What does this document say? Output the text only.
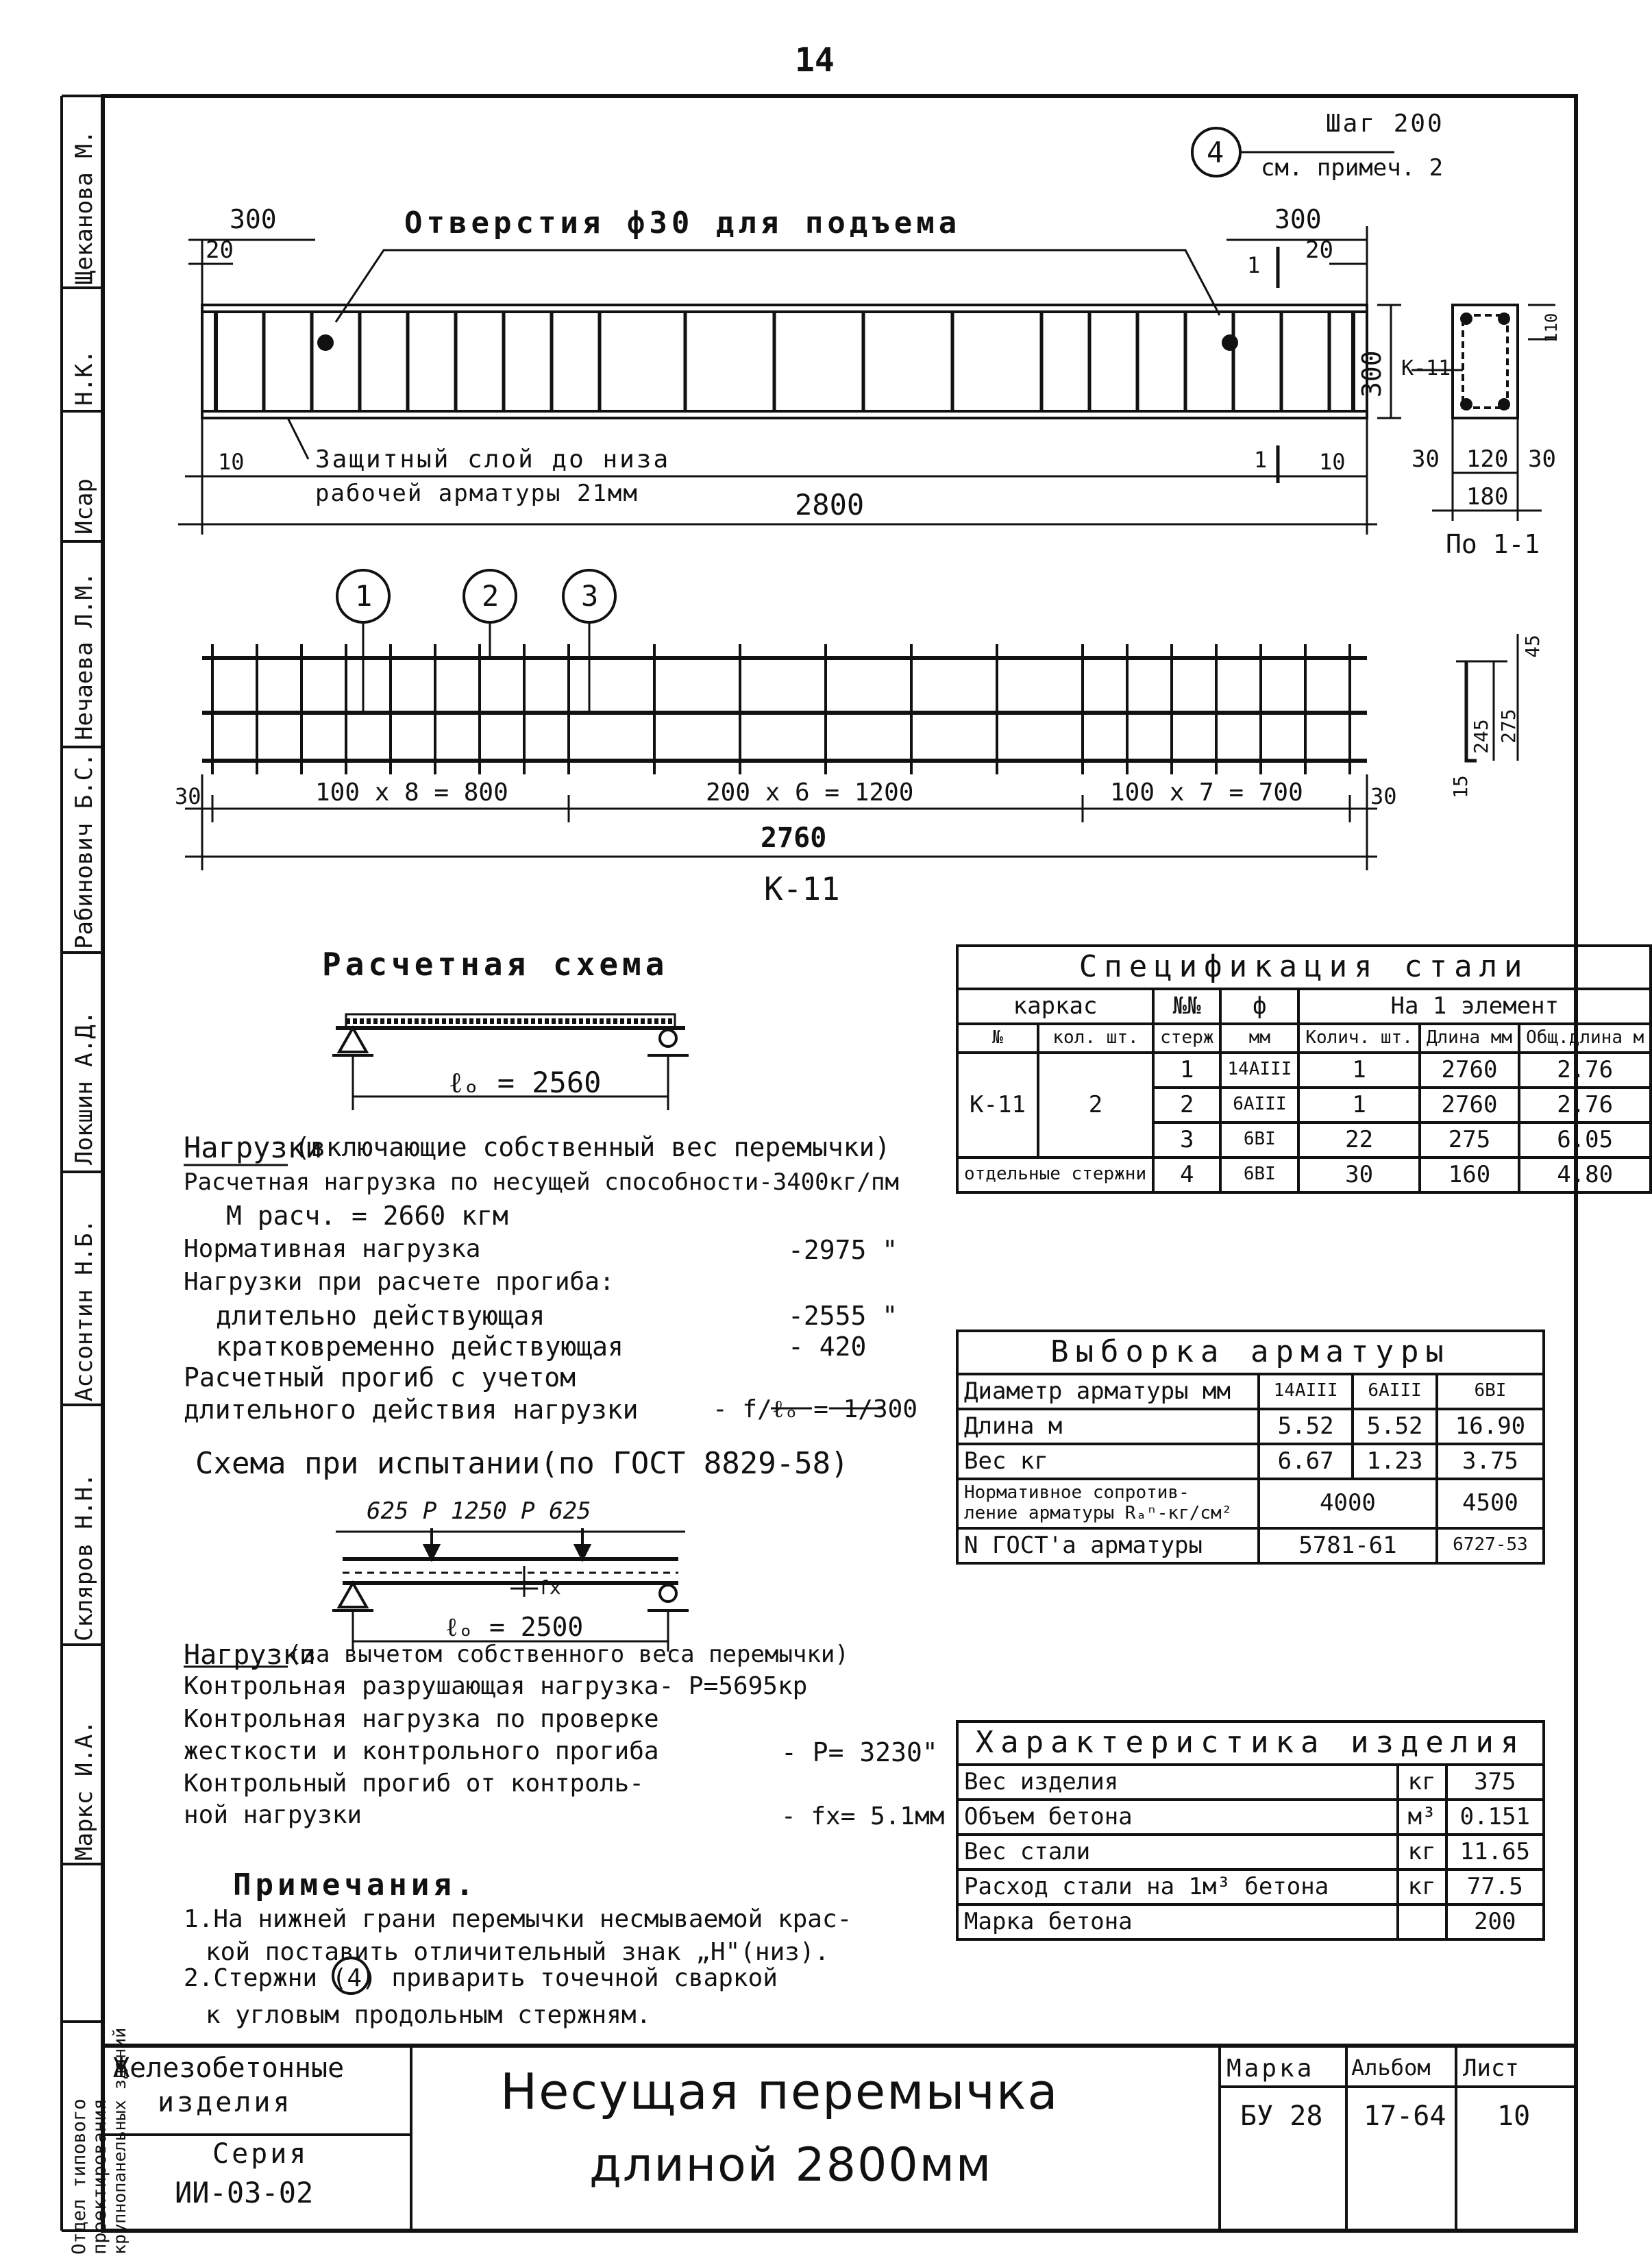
14
Щеканова М.
Н.К.
Исар
Нечаева Л.М.
Рабинович Б.С.
Локшин А.Д.
Ассонтин Н.Б.
Скляров Н.Н.
Маркс И.А.
Отдел типового проектирования крупнопанельных зданий
Отверстия ф30 для подъема
300
20
300
20
1
1
300
10	10
Защитный слой до низа
рабочей арматуры 21мм	2800
4
Шаг 200
см. примеч. 2
К-11
110
30 120 30
180
По 1-1
1	2	3
30	100 х 8 = 800	200 х 6 = 1200	100 х 7 = 700	30
2760
К-11
45
245 275
15
Расчетная схема
ℓₒ = 2560
Нагрузки
(включающие собственный вес перемычки)
Расчетная нагрузка по несущей способности-3400кг/пм
М расч. = 2660 кгм
Нормативная нагрузка	-2975 "
Нагрузки при расчете прогиба:
длительно действующая	-2555 "
кратковременно действующая	- 420
Расчетный прогиб с учетом
длительного действия нагрузки	- f/ℓₒ = 1/300
Схема при испытании(по ГОСТ 8829-58)
625 P 1250 P 625
fх
ℓₒ = 2500
Нагрузки
(за вычетом собственного веса перемычки)
Контрольная разрушающая нагрузка- Р=5695кр
Контрольная нагрузка по проверке
жесткости и контрольного прогиба	- Р= 3230"
Контрольный прогиб от контроль-
ной нагрузки	- fх= 5.1мм
Примечания.
1.На нижней грани перемычки несмываемой крас-
кой поставить отличительный знак „Н"(низ).
2.Стержни (4) приварить точечной сваркой
к угловым продольным стержням.
Спецификация стали						
каркас		№№	ф	На 1 элемент		
№	кол. шт.	стерж	мм	Колич. шт.	Длина мм	Общ.длина м
К-11	2	1	14AIII	1	2760	2.76
		2	6AIII	1	2760	2.76
		3	6BI	22	275	6.05
отдельные стержни		4	6BI	30	160	4.80
Выборка арматуры			
Диаметр арматуры мм	14AIII	6AIII	6BI
Длина м	5.52	5.52	16.90
Вес кг	6.67	1.23	3.75
Нормативное сопротив- ление арматуры Rₐⁿ-кг/см²	4000		4500
N ГОСТ'а арматуры	5781-61		6727-53
Характеристика изделия		
Вес изделия	кг	375
Объем бетона	м³	0.151
Вес стали	кг	11.65
Расход стали на 1м³ бетона	кг	77.5
Марка бетона		200
Железобетонные
изделия
Серия
ИИ-03-02
Несущая перемычка
длиной 2800мм
Марка
БУ 28
Альбом
17-64
Лист
10
